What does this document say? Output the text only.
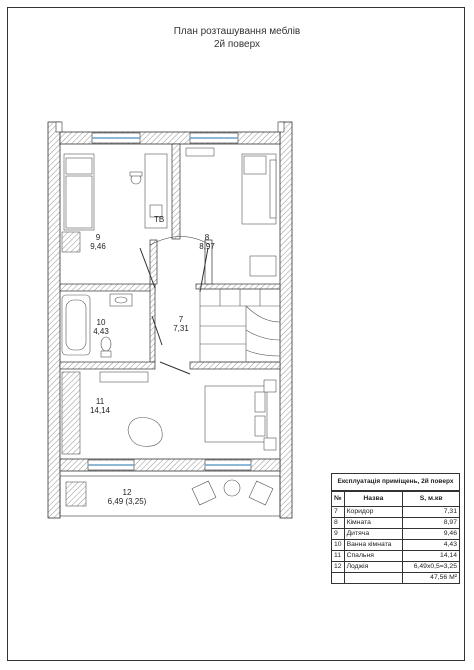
План розташування меблів
2й поверх
ТВ
9
9,46
8
8,97
10
4,43
7
7,31
11
14,14
12
6,49 (3,25)
Експлуатація приміщень, 2й поверх
№	Назва	S, м.кв
7	Коридор	7,31
8	Кімната	8,97
9	Дитяча	9,46
10	Ванна кімната	4,43
11	Спальня	14,14
12	Лоджія	6,49х0,5=3,25
		47,56 М²
